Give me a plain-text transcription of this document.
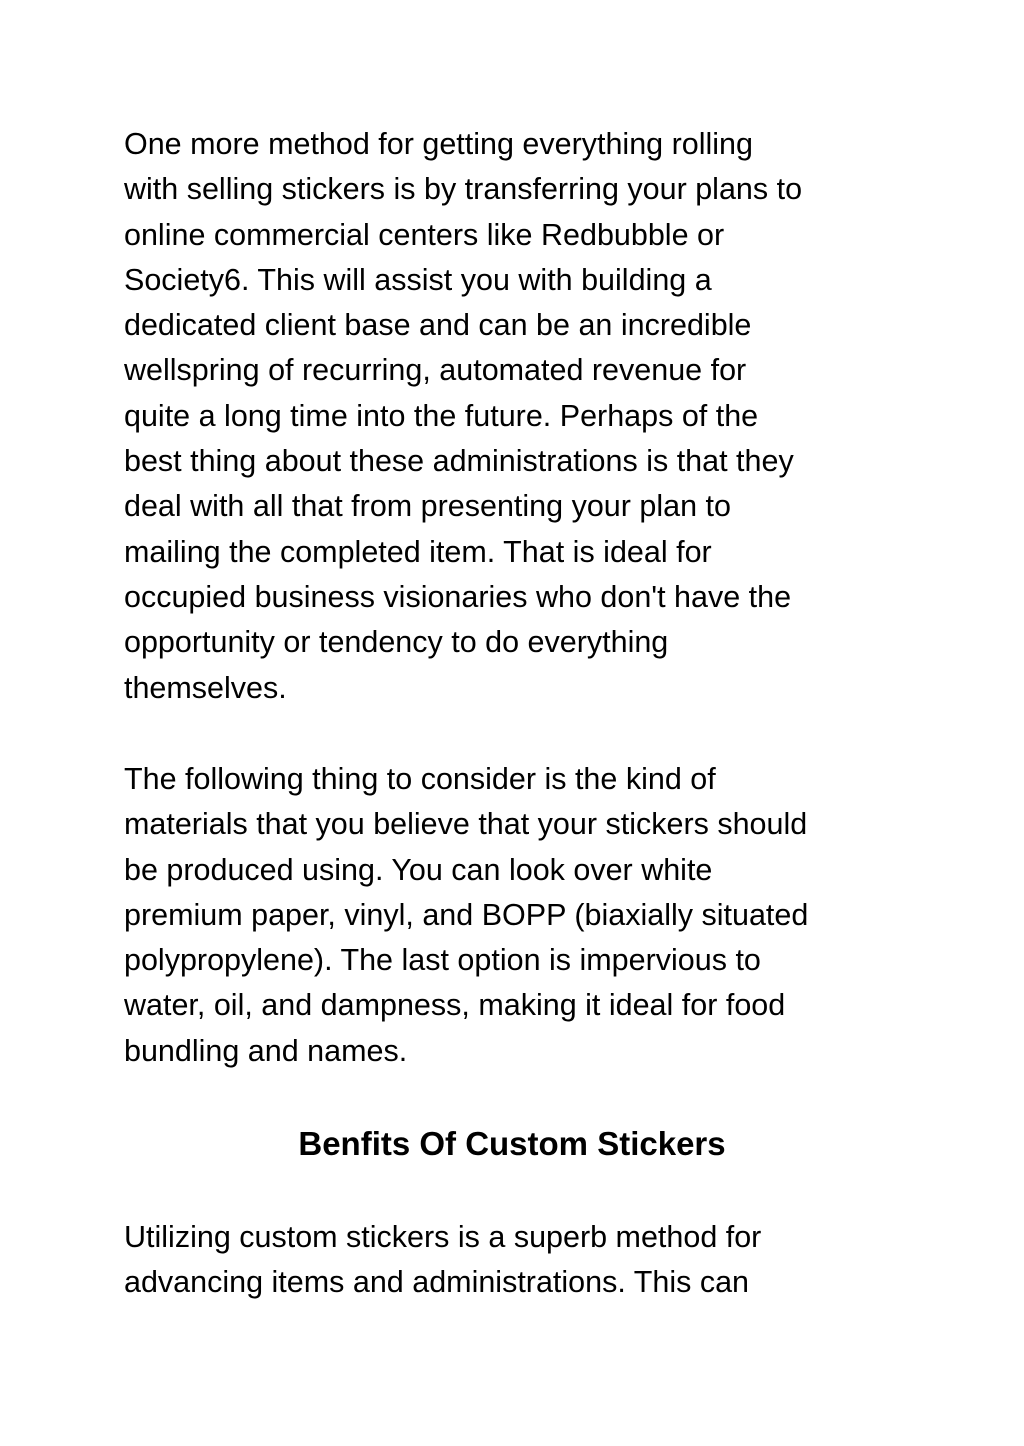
One more method for getting everything rolling
with selling stickers is by transferring your plans to
online commercial centers like Redbubble or
Society6. This will assist you with building a
dedicated client base and can be an incredible
wellspring of recurring, automated revenue for
quite a long time into the future. Perhaps of the
best thing about these administrations is that they
deal with all that from presenting your plan to
mailing the completed item. That is ideal for
occupied business visionaries who don't have the
opportunity or tendency to do everything
themselves.

The following thing to consider is the kind of
materials that you believe that your stickers should
be produced using. You can look over white
premium paper, vinyl, and BOPP (biaxially situated
polypropylene). The last option is impervious to
water, oil, and dampness, making it ideal for food
bundling and names.

Benfits Of Custom Stickers

Utilizing custom stickers is a superb method for
advancing items and administrations. This can
